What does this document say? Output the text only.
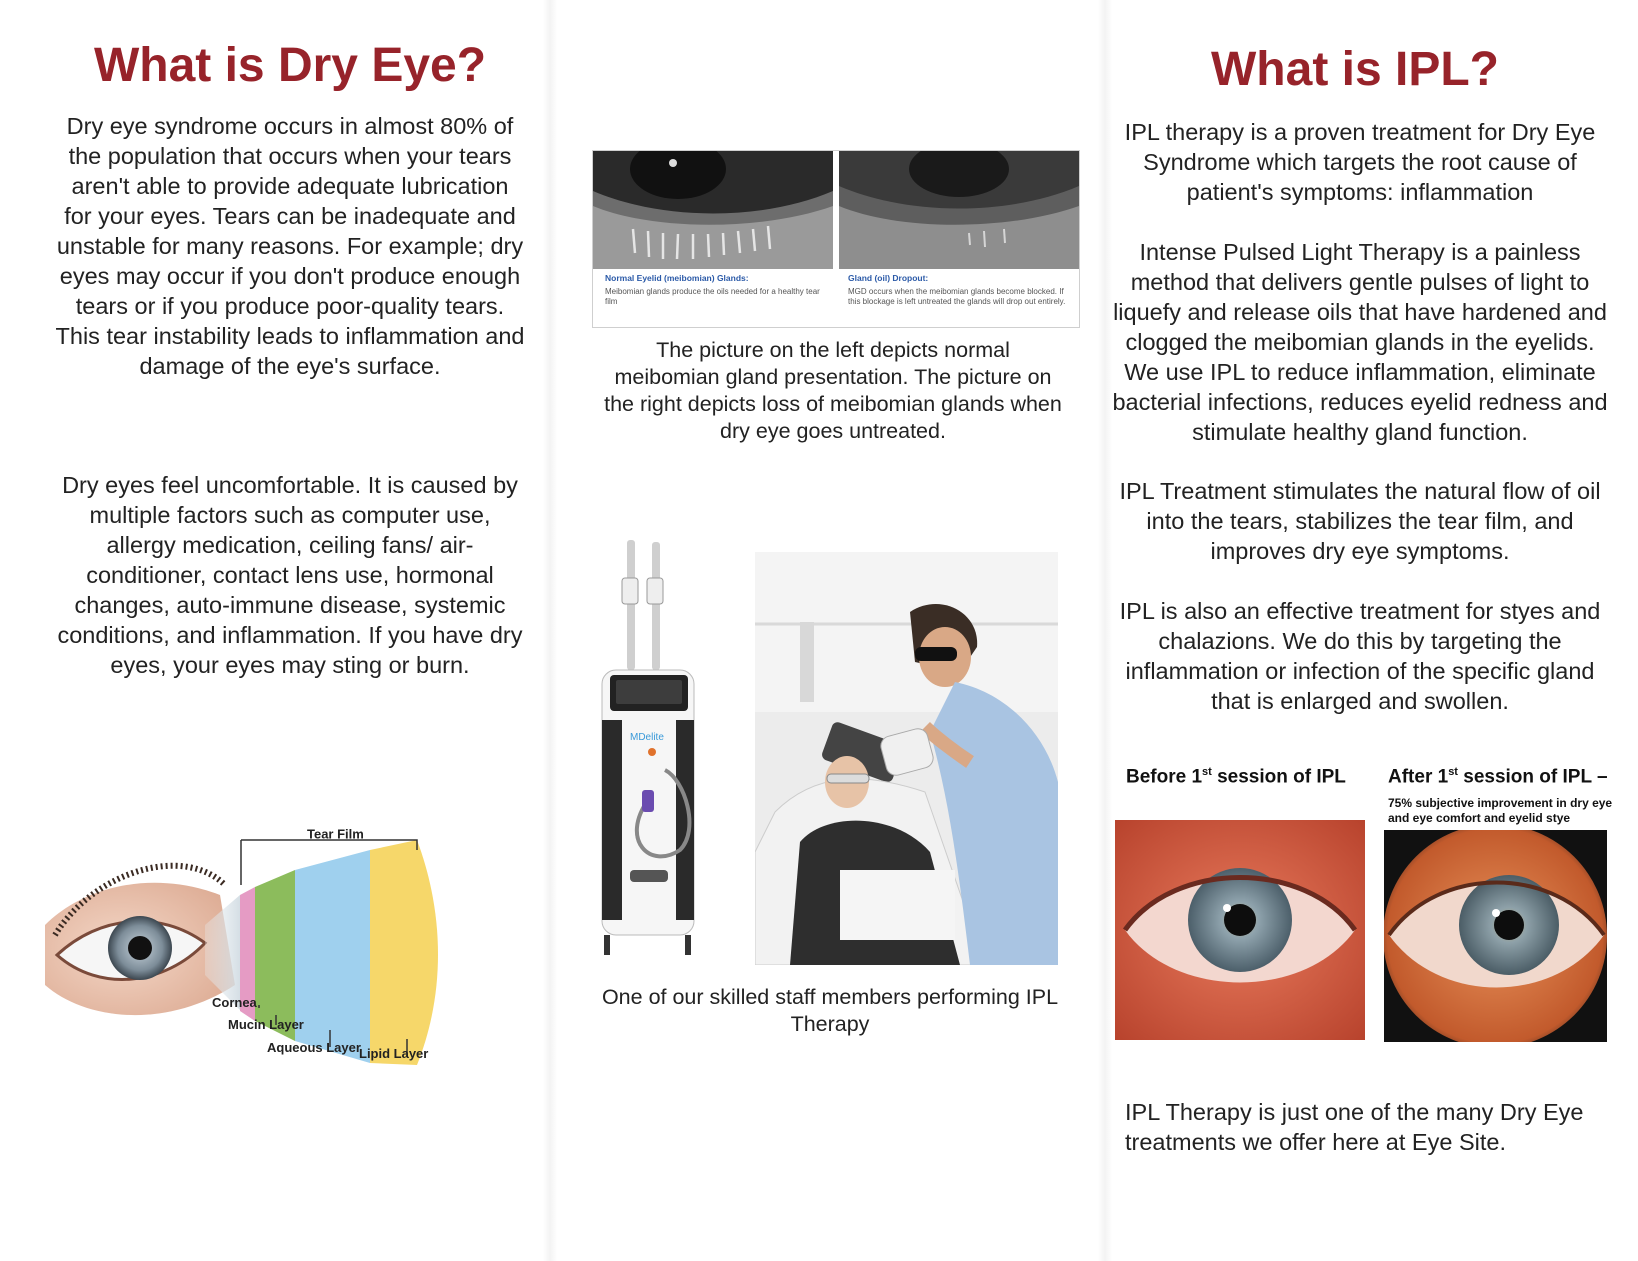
What is Dry Eye?

Dry eye syndrome occurs in almost 80% of the population that occurs when your tears aren't able to provide adequate lubrication for your eyes. Tears can be inadequate and unstable for many reasons. For example; dry eyes may occur if you don't produce enough tears or if you produce poor-quality tears. This tear instability leads to inflammation and damage of the eye's surface.

Dry eyes feel uncomfortable. It is caused by multiple factors such as computer use, allergy medication, ceiling fans/ air-conditioner, contact lens use, hormonal changes, auto-immune disease, systemic conditions, and inflammation. If you have dry eyes, your eyes may sting or burn.

Tear Film
Cornea
Mucin Layer
Aqueous Layer
Lipid Layer

Normal Eyelid (meibomian) Glands:

Meibomian glands produce the oils needed for a healthy tear film

Gland (oil) Dropout:

MGD occurs when the meibomian glands become blocked. If this blockage is left untreated the glands will drop out entirely.

The picture on the left depicts normal meibomian gland presentation. The picture on the right depicts loss of meibomian glands when dry eye goes untreated.

MDelite

One of our skilled staff members performing IPL Therapy

What is IPL?

IPL therapy is a proven treatment for Dry Eye Syndrome which targets the root cause of patient's symptoms: inflammation

Intense Pulsed Light Therapy is a painless method that delivers gentle pulses of light to liquefy and release oils that have hardened and clogged the meibomian glands in the eyelids. We use IPL to reduce inflammation, eliminate bacterial infections, reduces eyelid redness and stimulate healthy gland function.

IPL Treatment stimulates the natural flow of oil into the tears, stabilizes the tear film, and improves dry eye symptoms.

IPL is also an effective treatment for styes and chalazions. We do this by targeting the inflammation or infection of the specific gland that is enlarged and swollen.

Before 1st session of IPL After 1st session of IPL –

75% subjective improvement in dry eye and eye comfort and eyelid stye

IPL Therapy is just one of the many Dry Eye treatments we offer here at Eye Site.
